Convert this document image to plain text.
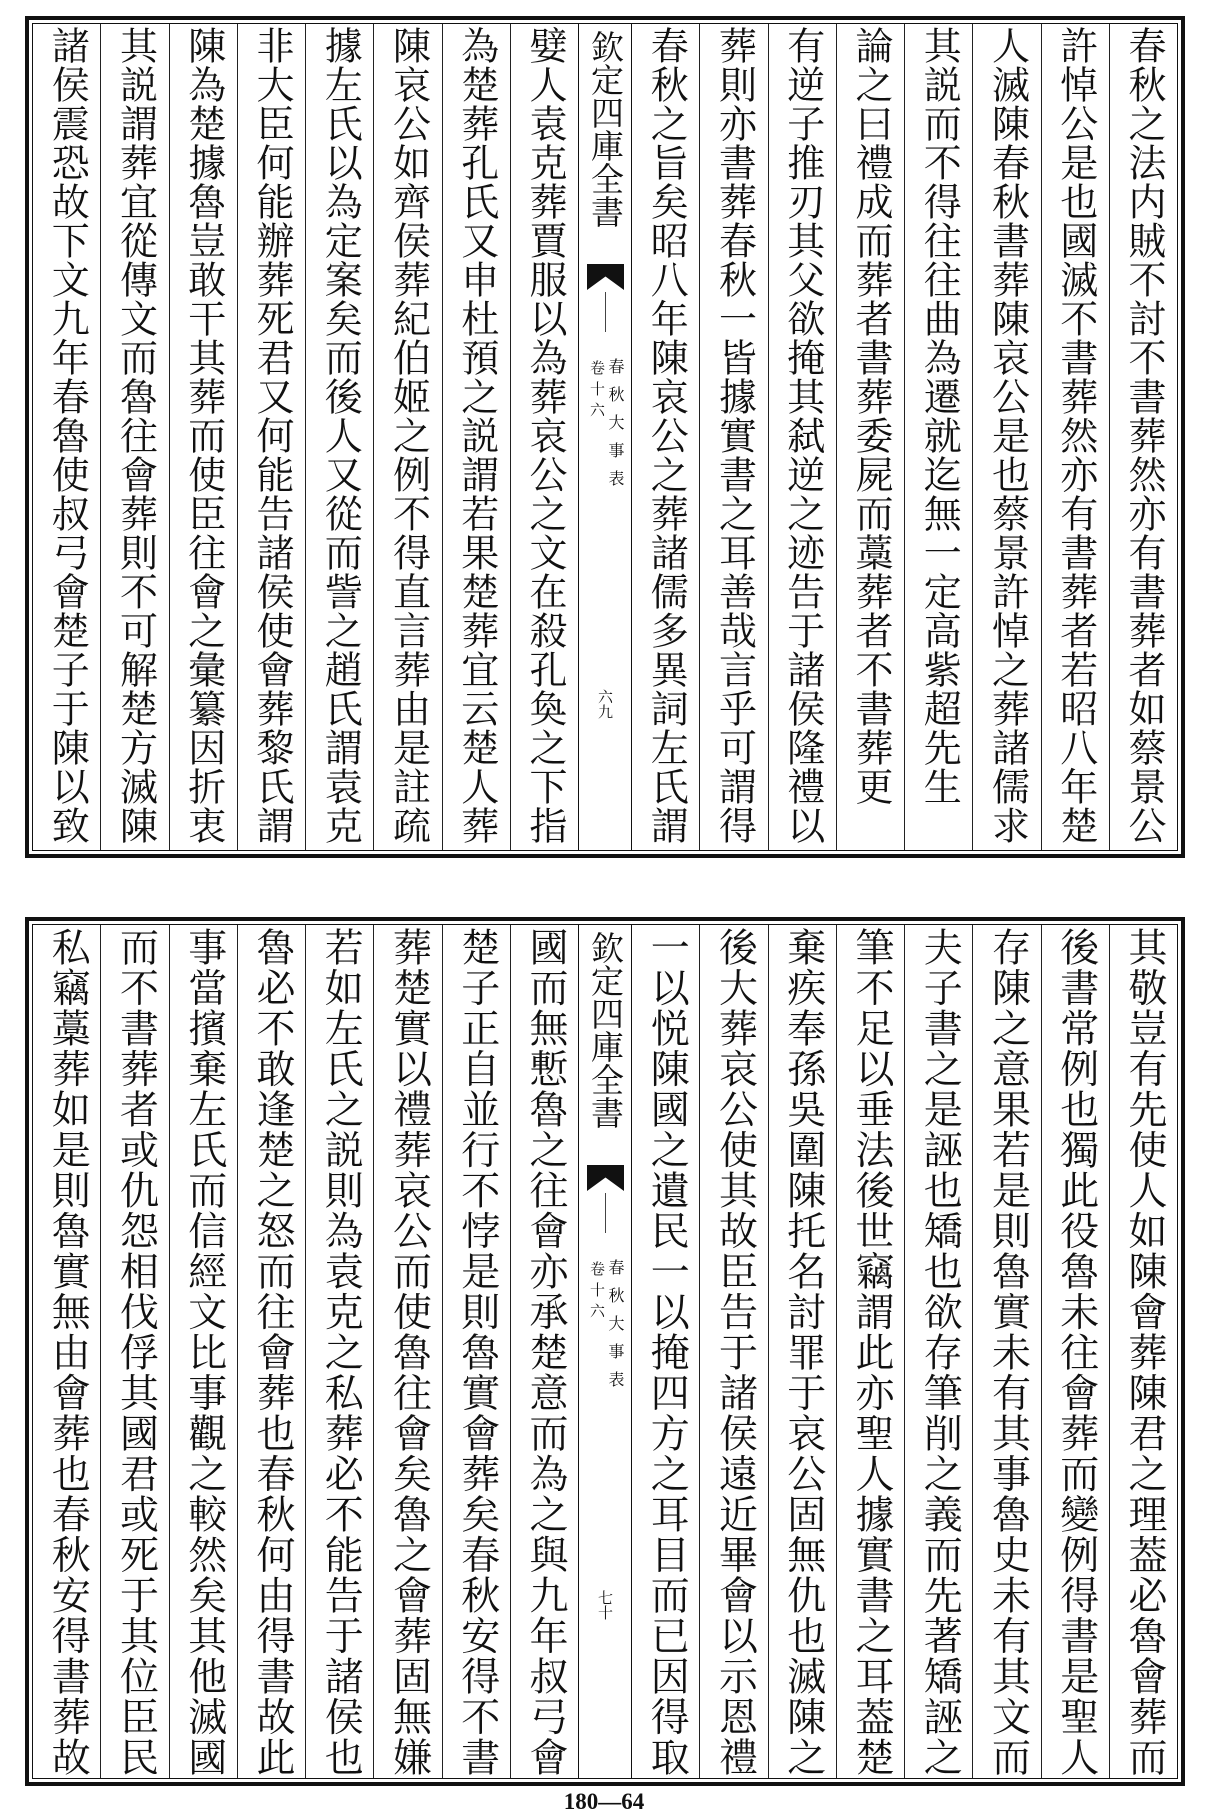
春秋之法内賊不討不書葬然亦有書葬者如蔡景公
許悼公是也國滅不書葬然亦有書葬者若昭八年楚
人滅陳春秋書葬陳哀公是也蔡景許悼之葬諸儒求
其説而不得往往曲為遷就迄無一定高紫超先生
論之曰禮成而葬者書葬委屍而藁葬者不書葬更
有逆子推刃其父欲掩其弑逆之迹告于諸侯隆禮以
葬則亦書葬春秋一皆據實書之耳善哉言乎可謂得
春秋之旨矣昭八年陳哀公之葬諸儒多異詞左氏謂
欽定四庫全書
春秋大事表
卷十六
六九
嬖人袁克葬賈服以為葬哀公之文在殺孔奐之下指
為楚葬孔氏又申杜預之説謂若果楚葬宜云楚人葬
陳哀公如齊侯葬紀伯姬之例不得直言葬由是註疏
據左氏以為定案矣而後人又從而訾之趙氏謂袁克
非大臣何能辦葬死君又何能告諸侯使會葬黎氏謂
陳為楚據魯豈敢干其葬而使臣往會之彙纂因折衷
其説謂葬宜從傳文而魯往會葬則不可解楚方滅陳
諸侯震恐故下文九年春魯使叔弓會楚子于陳以致
其敬豈有先使人如陳會葬陳君之理葢必魯會葬而
後書常例也獨此役魯未往會葬而變例得書是聖人
存陳之意果若是則魯實未有其事魯史未有其文而
夫子書之是誣也矯也欲存筆削之義而先著矯誣之
筆不足以垂法後世竊謂此亦聖人據實書之耳葢楚
棄疾奉孫吳圍陳托名討罪于哀公固無仇也滅陳之
後大葬哀公使其故臣告于諸侯遠近畢會以示恩禮
一以悦陳國之遺民一以掩四方之耳目而已因得取
欽定四庫全書
春秋大事表
卷十六
七十
國而無慙魯之往會亦承楚意而為之與九年叔弓會
楚子正自並行不悖是則魯實會葬矣春秋安得不書
葬楚實以禮葬哀公而使魯往會矣魯之會葬固無嫌
若如左氏之説則為袁克之私葬必不能告于諸侯也
魯必不敢逢楚之怒而往會葬也春秋何由得書故此
事當擯棄左氏而信經文比事觀之較然矣其他滅國
而不書葬者或仇怨相伐俘其國君或死于其位臣民
私竊藁葬如是則魯實無由會葬也春秋安得書葬故
180—64
